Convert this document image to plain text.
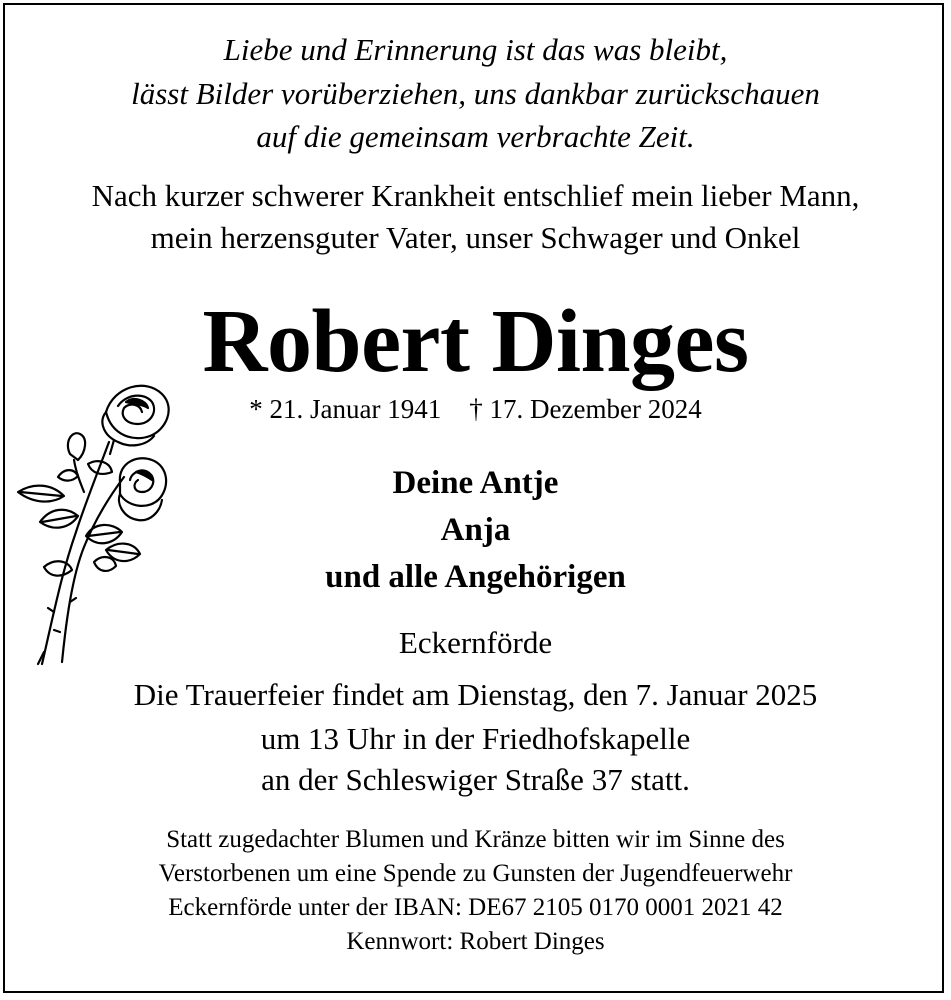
Liebe und Erinnerung ist das was bleibt,
lässt Bilder vorüberziehen, uns dankbar zurückschauen
auf die gemeinsam verbrachte Zeit.
Nach kurzer schwerer Krankheit entschlief mein lieber Mann,
mein herzensguter Vater, unser Schwager und Onkel
Robert Dinges
* 21. Januar 1941 † 17. Dezember 2024
Deine Antje
Anja
und alle Angehörigen
Eckernförde
Die Trauerfeier findet am Dienstag, den 7. Januar 2025
um 13 Uhr in der Friedhofskapelle
an der Schleswiger Straße 37 statt.
Statt zugedachter Blumen und Kränze bitten wir im Sinne des
Verstorbenen um eine Spende zu Gunsten der Jugendfeuerwehr
Eckernförde unter der IBAN: DE67 2105 0170 0001 2021 42
Kennwort: Robert Dinges
